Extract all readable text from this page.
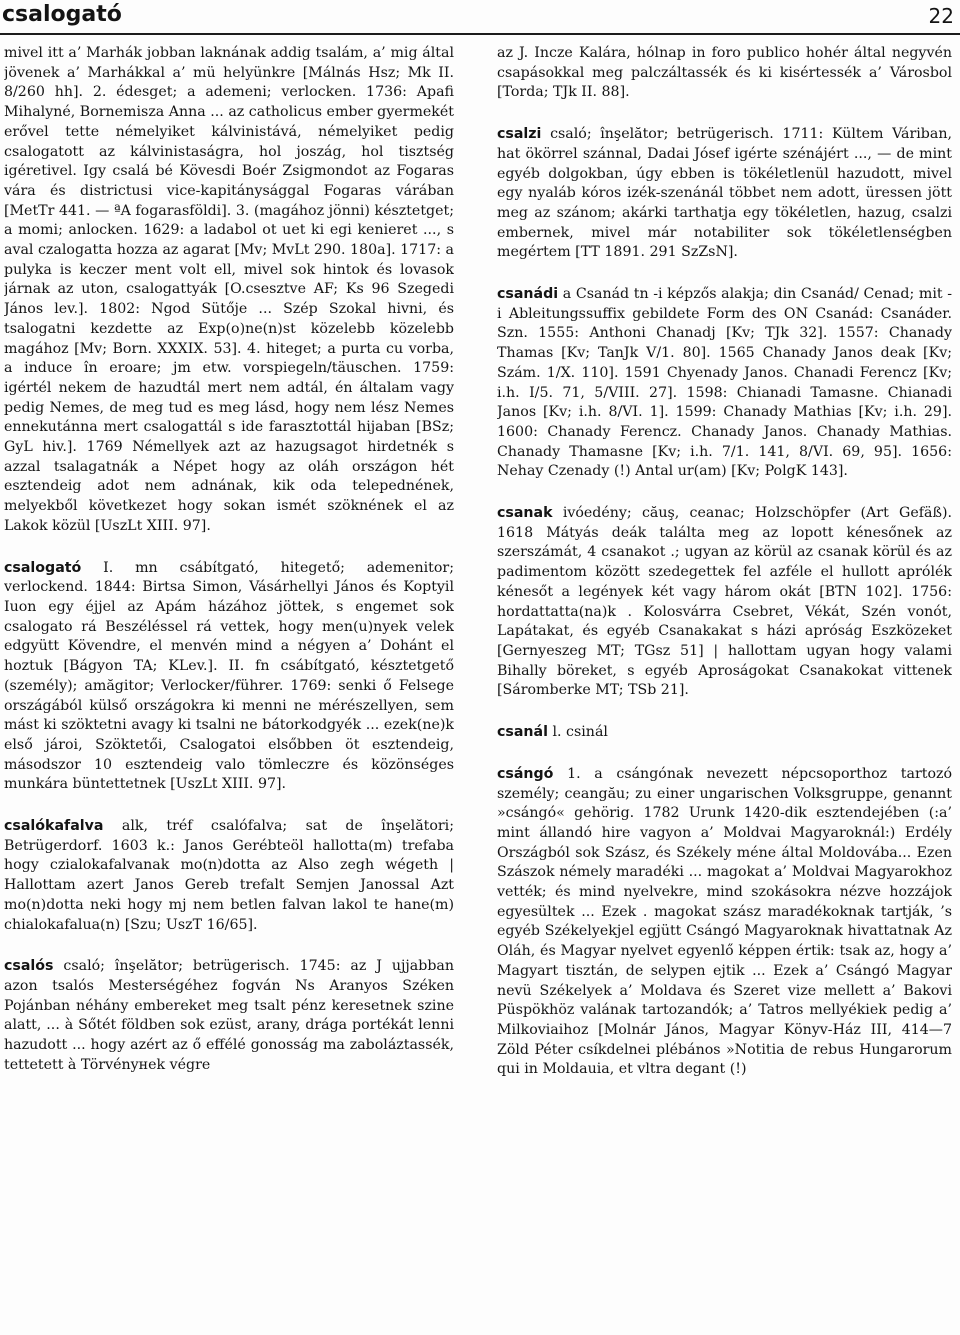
csalogató	22

mivel itt a’ Marhák jobban laknának addig tsalám, a’ mig által jövenek a’ Marhákkal a’ mü helyünkre [Málnás Hsz; Mk II. 8/260 hh]. 2. édesget; a ademeni; verlocken. 1736: Apafi Mihalyné, Bornemisza Anna ... az catholicus ember gyermekét erővel tette némelyiket kálvinistává, némelyiket pedig csalogatott az kálvinistaságra, hol joszág, hol tisztség igéretivel. Igy csalá bé Kövesdi Boér Zsigmondot az Fogaras vára és districtusi vice-kapitánysággal Fogaras várában [MetTr 441. — ªA fogarasföldi]. 3. (magához jönni) késztetget; a momi; anlocken. 1629: a ladabol ot uet ki egi kenieret ..., s aval czalogatta hozza az agarat [Mv; MvLt 290. 180a]. 1717: a pulyka is keczer ment volt ell, mivel sok hintok és lovasok járnak az uton, csalogattyák [O.csesztve AF; Ks 96 Szegedi János lev.]. 1802: Ngod Sütője ... Szép Szokal hivni, és tsalogatni kezdette az Exp(o)ne(n)st közelebb közelebb magához [Mv; Born. XXXIX. 53]. 4. hiteget; a purta cu vorba, a induce în eroare; jm etw. vorspiegeln/täuschen. 1759: igértél nekem de hazudtál mert nem adtál, én általam vagy pedig Nemes, de meg tud es meg lásd, hogy nem lész Nemes ennekutánna mert csalogattál s ide farasztottál hijaban [BSz; GyL hiv.]. 1769 Némellyek azt az hazugsagot hirdetnék s azzal tsalagatnák a Népet hogy az oláh országon hét esztendeig adot nem adnának, kik oda telepednének, melyekből következet hogy sokan ismét szöknének el az Lakok közül [UszLt XIII. 97].

csalogató I. mn csábítgató, hitegető; ademenitor; verlockend. 1844: Birtsa Simon, Vásárhellyi János és Koptyil Iuon egy éjjel az Apám házához jöttek, s engemet sok csalogato rá Beszéléssel rá vettek, hogy men(u)nyek velek edgyütt Kövendre, el menvén mind a négyen a’ Dohánt el hoztuk [Bágyon TA; KLev.]. II. fn csábítgató, késztetgető (személy); amăgitor; Verlocker/führer. 1769: senki ő Felsege országából külső országokra ki menni ne mérészellyen, sem mást ki szöktetni avagy ki tsalni ne bátorkodgyék ... ezek(ne)k első jároi, Szöktetői, Csalogatoi elsőbben öt esztendeig, másodszor 10 esztendeig valo tömleczre és közönséges munkára büntettetnek [UszLt XIII. 97].

csalókafalva alk, tréf csalófalva; sat de înşelători; Betrügerdorf. 1603 k.: Janos Gerébteöl hallotta(m) trefaba hogy czialokafalvanak mo(n)dotta az Also zegh wégeth | Hallottam azert Janos Gereb trefalt Semjen Janossal Azt mo(n)dotta neki hogy mj nem betlen falvan lakol te hane(m) chialokafalua(n) [Szu; UszT 16/65].

csalós csaló; înşelător; betrügerisch. 1745: az J ujjabban azon tsalós Mesterségéhez fogván Ns Aranyos Széken Pojánban néhány embereket meg tsalt pénz keresetnek szine alatt, ... à Sőtét földben sok ezüst, arany, drága portékát lenni hazudott ... hogy azért az ő effélé gonosság ma zaboláztassék, tettetett à Törvényнek végre

az J. Incze Kalára, hólnap in foro publico hohér által negyvén csapásokkal meg palczáltassék és ki kisértessék a’ Városbol [Torda; TJk II. 88].

csalzi csaló; înşelător; betrügerisch. 1711: Kültem Váriban, hat ökörrel szánnal, Dadai Jósef igérte szénájért ..., — de mint egyéb dolgokban, úgy ebben is tökéletlenül hazudott, mivel egy nyaláb kóros izék-szenánál többet nem adott, üressen jött meg az szánom; akárki tarthatja egy tökéletlen, hazug, csalzi embernek, mivel már notabiliter sok tökéletlenségben megértem [TT 1891. 291 SzZsN].

csanádi a Csanád tn -i képzős alakja; din Csanád/ Cenad; mit -i Ableitungssuffix gebildete Form des ON Csanád: Csanáder. Szn. 1555: Anthoni Chanadj [Kv; TJk 32]. 1557: Chanady Thamas [Kv; TanJk V/1. 80]. 1565 Chanady Janos deak [Kv; Szám. 1/X. 110]. 1591 Chyenady Janos. Chanadi Ferencz [Kv; i.h. I/5. 71, 5/VIII. 27]. 1598: Chianadi Tamasne. Chianadi Janos [Kv; i.h. 8/VI. 1]. 1599: Chanady Mathias [Kv; i.h. 29]. 1600: Chanady Ferencz. Chanady Janos. Chanady Mathias. Chanady Thamasne [Kv; i.h. 7/1. 141, 8/VI. 69, 95]. 1656: Nehay Czenady (!) Antal ur(am) [Kv; PolgK 143].

csanak ivóedény; căuş, ceanac; Holzschöpfer (Art Gefäß). 1618 Mátyás deák találta meg az lopott kénesőnek az szerszámát, 4 csanakot .; ugyan az körül az csanak körül és az padimentom között szedegettek fel azféle el hullott aprólék kénesőt a legények két vagy három okát [BTN 102]. 1756: hordattatta(na)k . Kolosvárra Csebret, Vékát, Szén vonót, Lapátakat, és egyéb Csanakakat s házi apróság Eszközeket [Gernyeszeg MT; TGsz 51] | hallottam ugyan hogy valami Bihally böreket, s egyéb Aproságokat Csanakokat vittenek [Sáromberke MT; TSb 21].

csanál l. csinál

csángó 1. a csángónak nevezett népcsoporthoz tartozó személy; ceangău; zu einer ungarischen Volksgruppe, genannt »csángó« gehörig. 1782 Urunk 1420-dik esztendejében (:a’ mint állandó hire vagyon a’ Moldvai Magyaroknál:) Erdély Országból sok Szász, és Székely méne által Moldovába... Ezen Szászok némely maradéki ... magokat a’ Moldvai Magyarokhoz vették; és mind nyelvekre, mind szokásokra nézve hozzájok egyesültek ... Ezek . magokat szász maradékoknak tartják, ’s egyéb Székelyekjel egjütt Csángó Magyaroknak hivattatnak Az Oláh, és Magyar nyelvet egyenlő képpen értik: tsak az, hogy a’ Magyart tisztán, de selypen ejtik ... Ezek a’ Csángó Magyar nevü Székelyek a’ Moldava és Szeret vize mellett a’ Bakovi Püspökhöz valának tartozandók; a’ Tatros mellyékiek pedig a’ Milkoviaihoz [Molnár János, Magyar Könyv-Ház III, 414—7 Zöld Péter csíkdelnei plébános »Notitia de rebus Hungarorum qui in Moldauia, et vltra degant (!)
